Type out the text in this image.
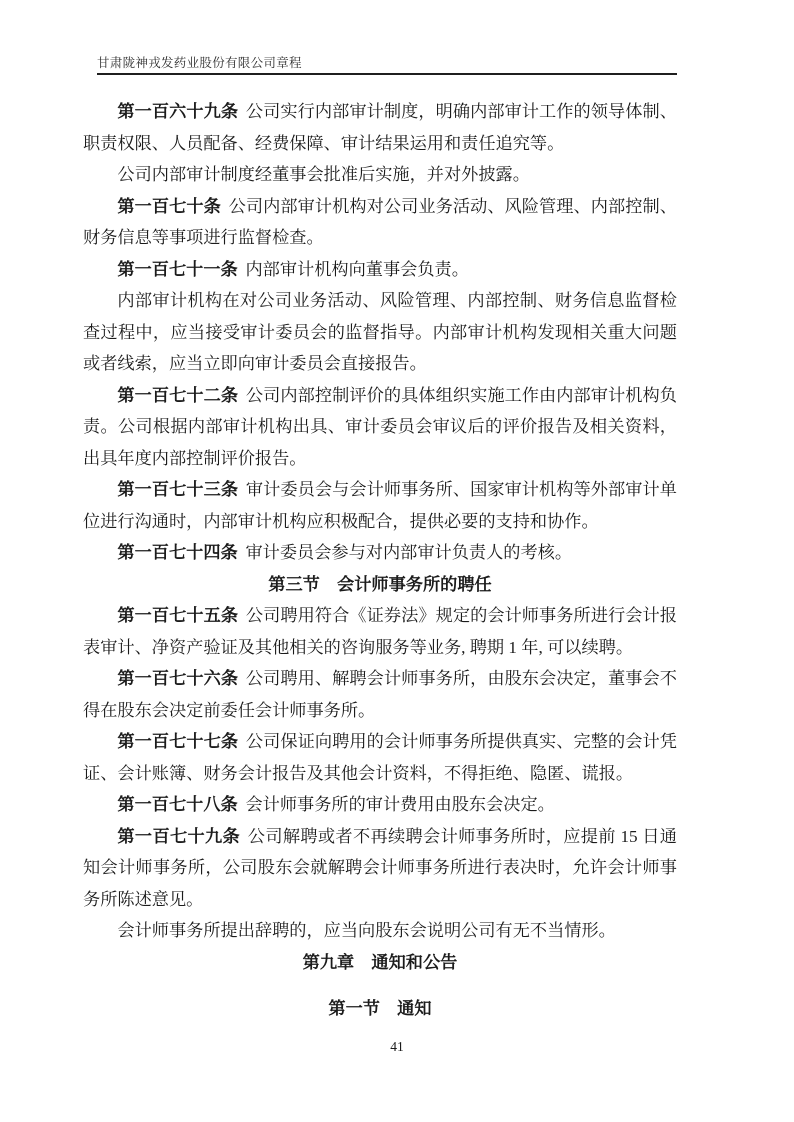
甘肃陇神戎发药业股份有限公司章程

第一百六十九条 公司实行内部审计制度，明确内部审计工作的领导体制、职责权限、人员配备、经费保障、审计结果运用和责任追究等。

公司内部审计制度经董事会批准后实施，并对外披露。

第一百七十条 公司内部审计机构对公司业务活动、风险管理、内部控制、财务信息等事项进行监督检查。

第一百七十一条 内部审计机构向董事会负责。

内部审计机构在对公司业务活动、风险管理、内部控制、财务信息监督检查过程中，应当接受审计委员会的监督指导。内部审计机构发现相关重大问题或者线索，应当立即向审计委员会直接报告。

第一百七十二条 公司内部控制评价的具体组织实施工作由内部审计机构负责。公司根据内部审计机构出具、审计委员会审议后的评价报告及相关资料，出具年度内部控制评价报告。

第一百七十三条 审计委员会与会计师事务所、国家审计机构等外部审计单位进行沟通时，内部审计机构应积极配合，提供必要的支持和协作。

第一百七十四条 审计委员会参与对内部审计负责人的考核。

第三节　会计师事务所的聘任

第一百七十五条 公司聘用符合《证券法》规定的会计师事务所进行会计报表审计、净资产验证及其他相关的咨询服务等业务, 聘期 1 年, 可以续聘。

第一百七十六条 公司聘用、解聘会计师事务所，由股东会决定，董事会不得在股东会决定前委任会计师事务所。

第一百七十七条 公司保证向聘用的会计师事务所提供真实、完整的会计凭证、会计账簿、财务会计报告及其他会计资料，不得拒绝、隐匿、谎报。

第一百七十八条 会计师事务所的审计费用由股东会决定。

第一百七十九条 公司解聘或者不再续聘会计师事务所时，应提前 15 日通知会计师事务所，公司股东会就解聘会计师事务所进行表决时，允许会计师事务所陈述意见。

会计师事务所提出辞聘的，应当向股东会说明公司有无不当情形。

第九章　通知和公告

第一节　通知

41
